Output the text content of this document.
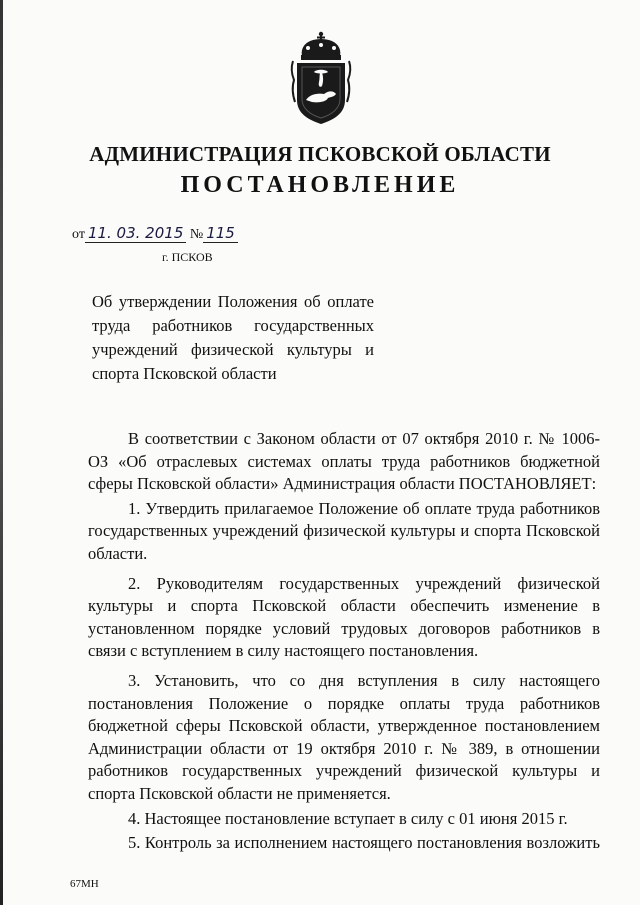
АДМИНИСТРАЦИЯ ПСКОВСКОЙ ОБЛАСТИ
ПОСТАНОВЛЕНИЕ
от 11. 03. 2015 № 115
г. ПСКОВ
Об утверждении Положения об оплате труда работников государственных учреждений физической культуры и спорта Псковской области

В соответствии с Законом области от 07 октября 2010 г. № 1006-ОЗ «Об отраслевых системах оплаты труда работников бюджетной сферы Псковской области» Администрация области ПОСТАНОВЛЯЕТ:

1. Утвердить прилагаемое Положение об оплате труда работников государственных учреждений физической культуры и спорта Псковской области.

2. Руководителям государственных учреждений физической культуры и спорта Псковской области обеспечить изменение в установленном порядке условий трудовых договоров работников в связи с вступлением в силу настоящего постановления.

3. Установить, что со дня вступления в силу настоящего постановления Положение о порядке оплаты труда работников бюджетной сферы Псковской области, утвержденное постановлением Администрации области от 19 октября 2010 г. № 389, в отношении работников государственных учреждений физической культуры и спорта Псковской области не применяется.

4. Настоящее постановление вступает в силу с 01 июня 2015 г.

5. Контроль за исполнением настоящего постановления возложить

67МН
